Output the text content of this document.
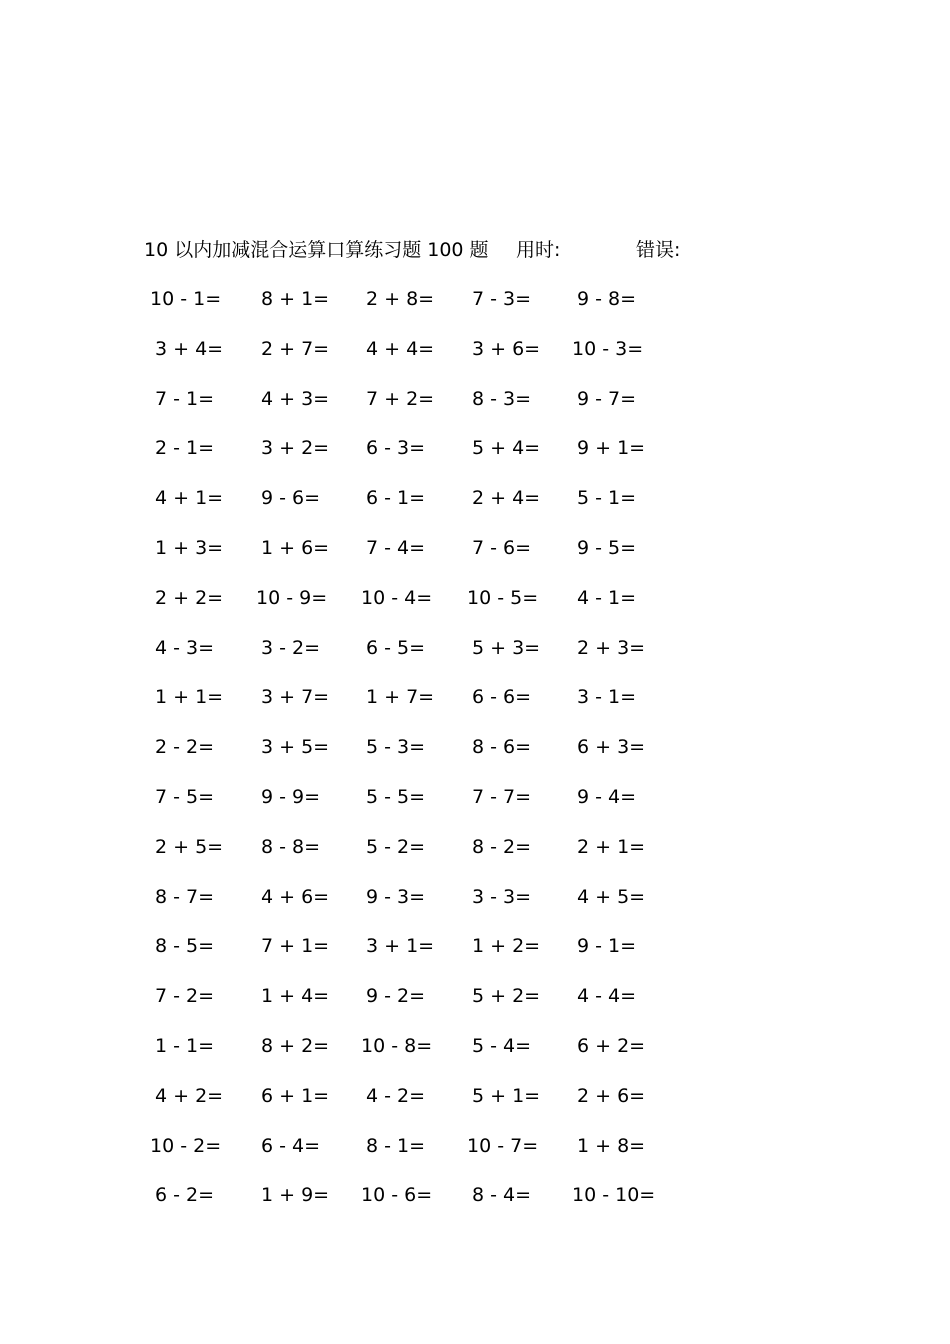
10 以内加减混合运算口算练习题 100 题 用时:	错误:
10 - 1= 8 + 1= 2 + 8= 7 - 3= 9 - 8=
3 + 4= 2 + 7= 4 + 4= 3 + 6= 10 - 3=
7 - 1= 4 + 3= 7 + 2= 8 - 3= 9 - 7=
2 - 1= 3 + 2= 6 - 3= 5 + 4= 9 + 1=
4 + 1= 9 - 6= 6 - 1= 2 + 4= 5 - 1=
1 + 3= 1 + 6= 7 - 4= 7 - 6= 9 - 5=
2 + 2= 10 - 9= 10 - 4= 10 - 5= 4 - 1=
4 - 3= 3 - 2= 6 - 5= 5 + 3= 2 + 3=
1 + 1= 3 + 7= 1 + 7= 6 - 6= 3 - 1=
2 - 2= 3 + 5= 5 - 3= 8 - 6= 6 + 3=
7 - 5= 9 - 9= 5 - 5= 7 - 7= 9 - 4=
2 + 5= 8 - 8= 5 - 2= 8 - 2= 2 + 1=
8 - 7= 4 + 6= 9 - 3= 3 - 3= 4 + 5=
8 - 5= 7 + 1= 3 + 1= 1 + 2= 9 - 1=
7 - 2= 1 + 4= 9 - 2= 5 + 2= 4 - 4=
1 - 1= 8 + 2= 10 - 8= 5 - 4= 6 + 2=
4 + 2= 6 + 1= 4 - 2= 5 + 1= 2 + 6=
10 - 2= 6 - 4= 8 - 1= 10 - 7= 1 + 8=
6 - 2= 1 + 9= 10 - 6= 8 - 4= 10 - 10=
